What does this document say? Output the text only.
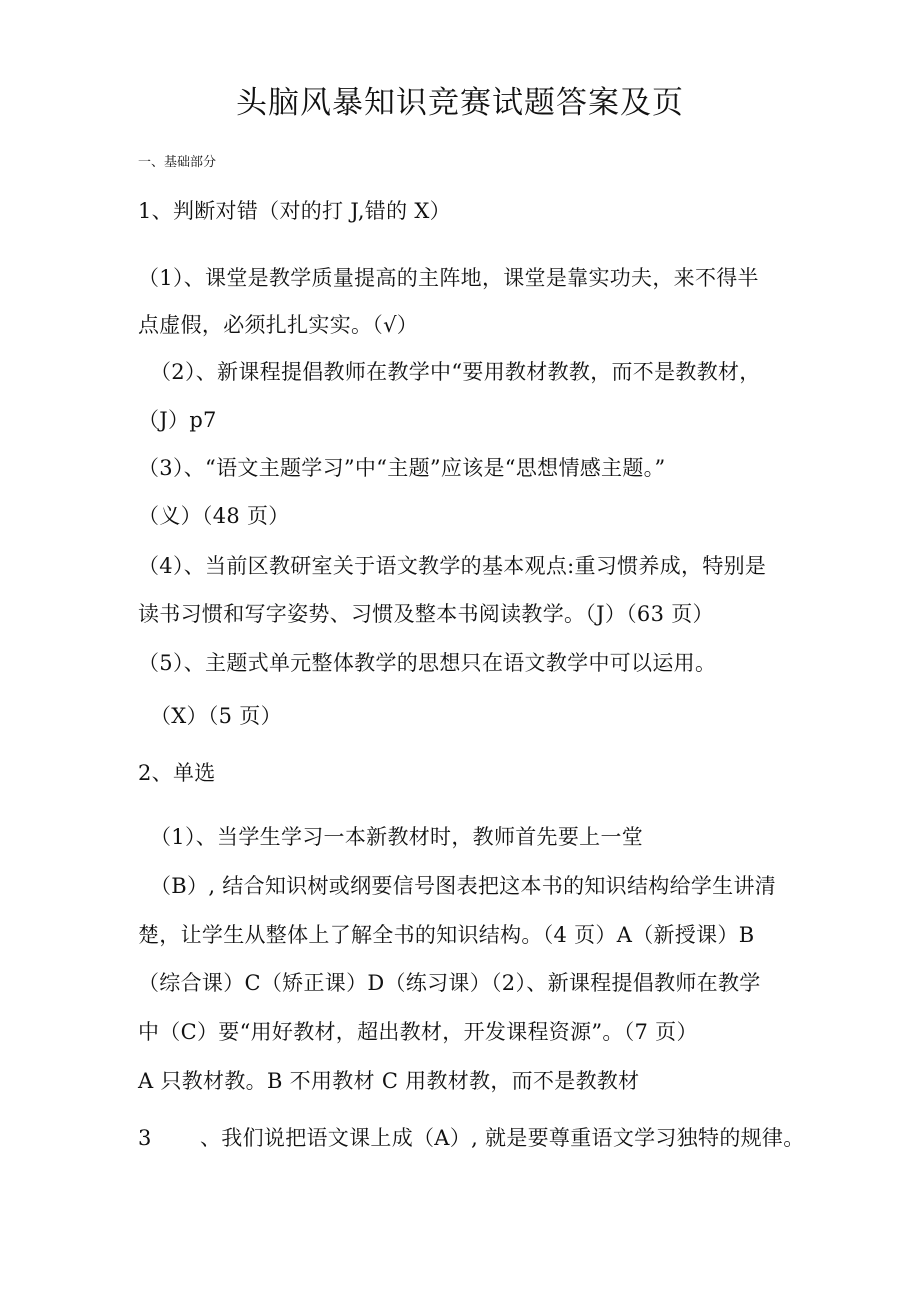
头脑风暴知识竞赛试题答案及页
一、基础部分
1、判断对错（对的打 J,错的 X）
（1）、课堂是教学质量提高的主阵地，课堂是靠实功夫，来不得半
点虚假，必须扎扎实实。（√）
（2）、新课程提倡教师在教学中“要用教材教教，而不是教教材，
（J）p7
（3）、“语文主题学习”中“主题”应该是“思想情感主题。”
（义）（48 页）
（4）、当前区教研室关于语文教学的基本观点:重习惯养成，特别是
读书习惯和写字姿势、习惯及整本书阅读教学。（J）（63 页）
（5）、主题式单元整体教学的思想只在语文教学中可以运用。
（X）（5 页）
2、单选
（1）、当学生学习一本新教材时，教师首先要上一堂
（B）, 结合知识树或纲要信号图表把这本书的知识结构给学生讲清
楚，让学生从整体上了解全书的知识结构。（4 页）A（新授课）B
（综合课）C（矫正课）D（练习课）（2）、新课程提倡教师在教学
中（C）要“用好教材，超出教材，开发课程资源”。（7 页）
A 只教材教。B 不用教材 C 用教材教，而不是教教材
3 、我们说把语文课上成（A）, 就是要尊重语文学习独特的规律。
